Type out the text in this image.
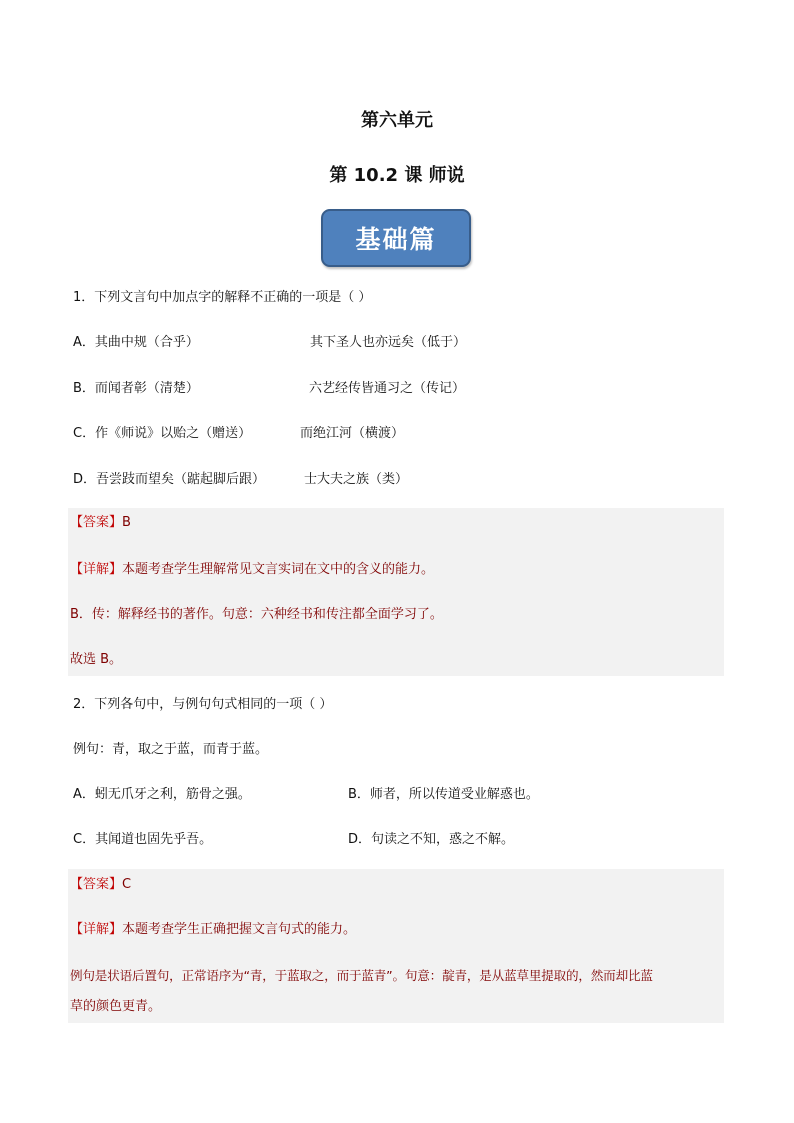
第六单元
第 10.2 课 师说
基础篇
1．下列文言句中加点字的解释不正确的一项是（ ）
A．其曲中规（合乎）	其下圣人也亦远矣（低于）
B．而闻者彰（清楚）	六艺经传皆通习之（传记）
C．作《师说》以贻之（赠送）	而绝江河（横渡）
D．吾尝跂而望矣（踮起脚后跟）	士大夫之族（类）
【答案】B
【详解】本题考查学生理解常见文言实词在文中的含义的能力。
B．传：解释经书的著作。句意：六种经书和传注都全面学习了。
故选 B。
2．下列各句中，与例句句式相同的一项（ ）
例句：青，取之于蓝，而青于蓝。
A．蚓无爪牙之利，筋骨之强。	B．师者，所以传道受业解惑也。
C．其闻道也固先乎吾。	D．句读之不知，惑之不解。
【答案】C
【详解】本题考查学生正确把握文言句式的能力。
例句是状语后置句，正常语序为“青，于蓝取之，而于蓝青”。句意：靛青，是从蓝草里提取的，然而却比蓝
草的颜色更青。
